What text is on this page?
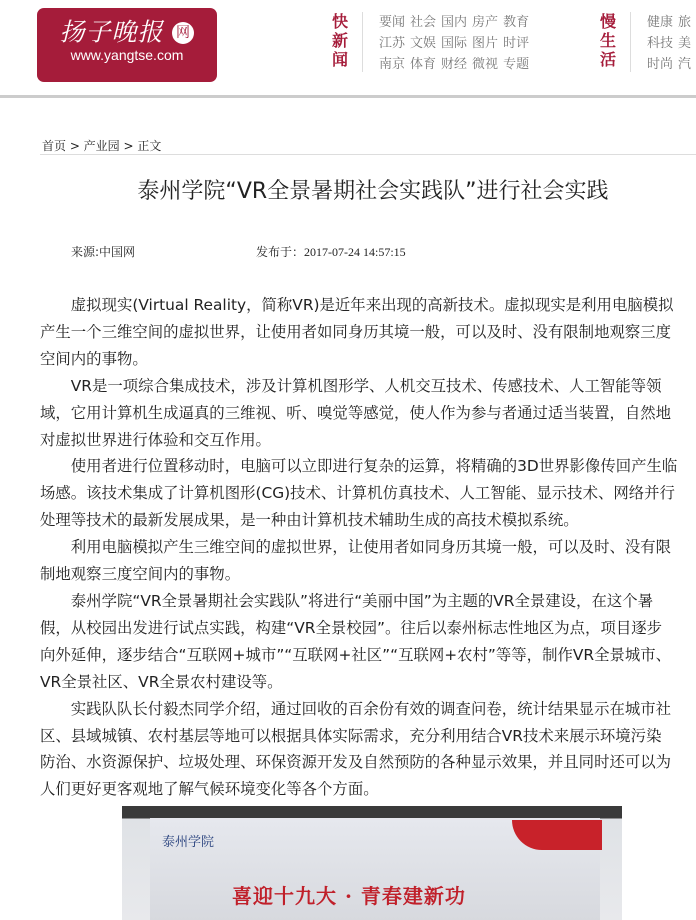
扬子晚报 网
www.yangtse.com
快
新
闻
要闻 社会 国内 房产 教育
江苏 文娱 国际 图片 时评
南京 体育 财经 微视 专题
慢
生
活
健康 旅
科技 美
时尚 汽
首页 > 产业园 > 正文
泰州学院“VR全景暑期社会实践队”进行社会实践
来源:中国网	发布于：2017-07-24 14:57:15
　　虚拟现实(Virtual Reality，简称VR)是近年来出现的高新技术。虚拟现实是利用电脑模拟
产生一个三维空间的虚拟世界，让使用者如同身历其境一般，可以及时、没有限制地观察三度
空间内的事物。
　　VR是一项综合集成技术，涉及计算机图形学、人机交互技术、传感技术、人工智能等领
域，它用计算机生成逼真的三维视、听、嗅觉等感觉，使人作为参与者通过适当装置，自然地
对虚拟世界进行体验和交互作用。
　　使用者进行位置移动时，电脑可以立即进行复杂的运算，将精确的3D世界影像传回产生临
场感。该技术集成了计算机图形(CG)技术、计算机仿真技术、人工智能、显示技术、网络并行
处理等技术的最新发展成果，是一种由计算机技术辅助生成的高技术模拟系统。
　　利用电脑模拟产生三维空间的虚拟世界，让使用者如同身历其境一般，可以及时、没有限
制地观察三度空间内的事物。
　　泰州学院“VR全景暑期社会实践队”将进行“美丽中国”为主题的VR全景建设，在这个暑
假，从校园出发进行试点实践，构建“VR全景校园”。往后以泰州标志性地区为点，项目逐步
向外延伸，逐步结合“互联网+城市”“互联网+社区”“互联网+农村”等等，制作VR全景城市、
VR全景社区、VR全景农村建设等。
　　实践队队长付毅杰同学介绍，通过回收的百余份有效的调查问卷，统计结果显示在城市社
区、县域城镇、农村基层等地可以根据具体实际需求，充分利用结合VR技术来展示环境污染
防治、水资源保护、垃圾处理、环保资源开发及自然预防的各种显示效果，并且同时还可以为
人们更好更客观地了解气候环境变化等各个方面。
泰州学院
喜迎十九大 · 青春建新功
